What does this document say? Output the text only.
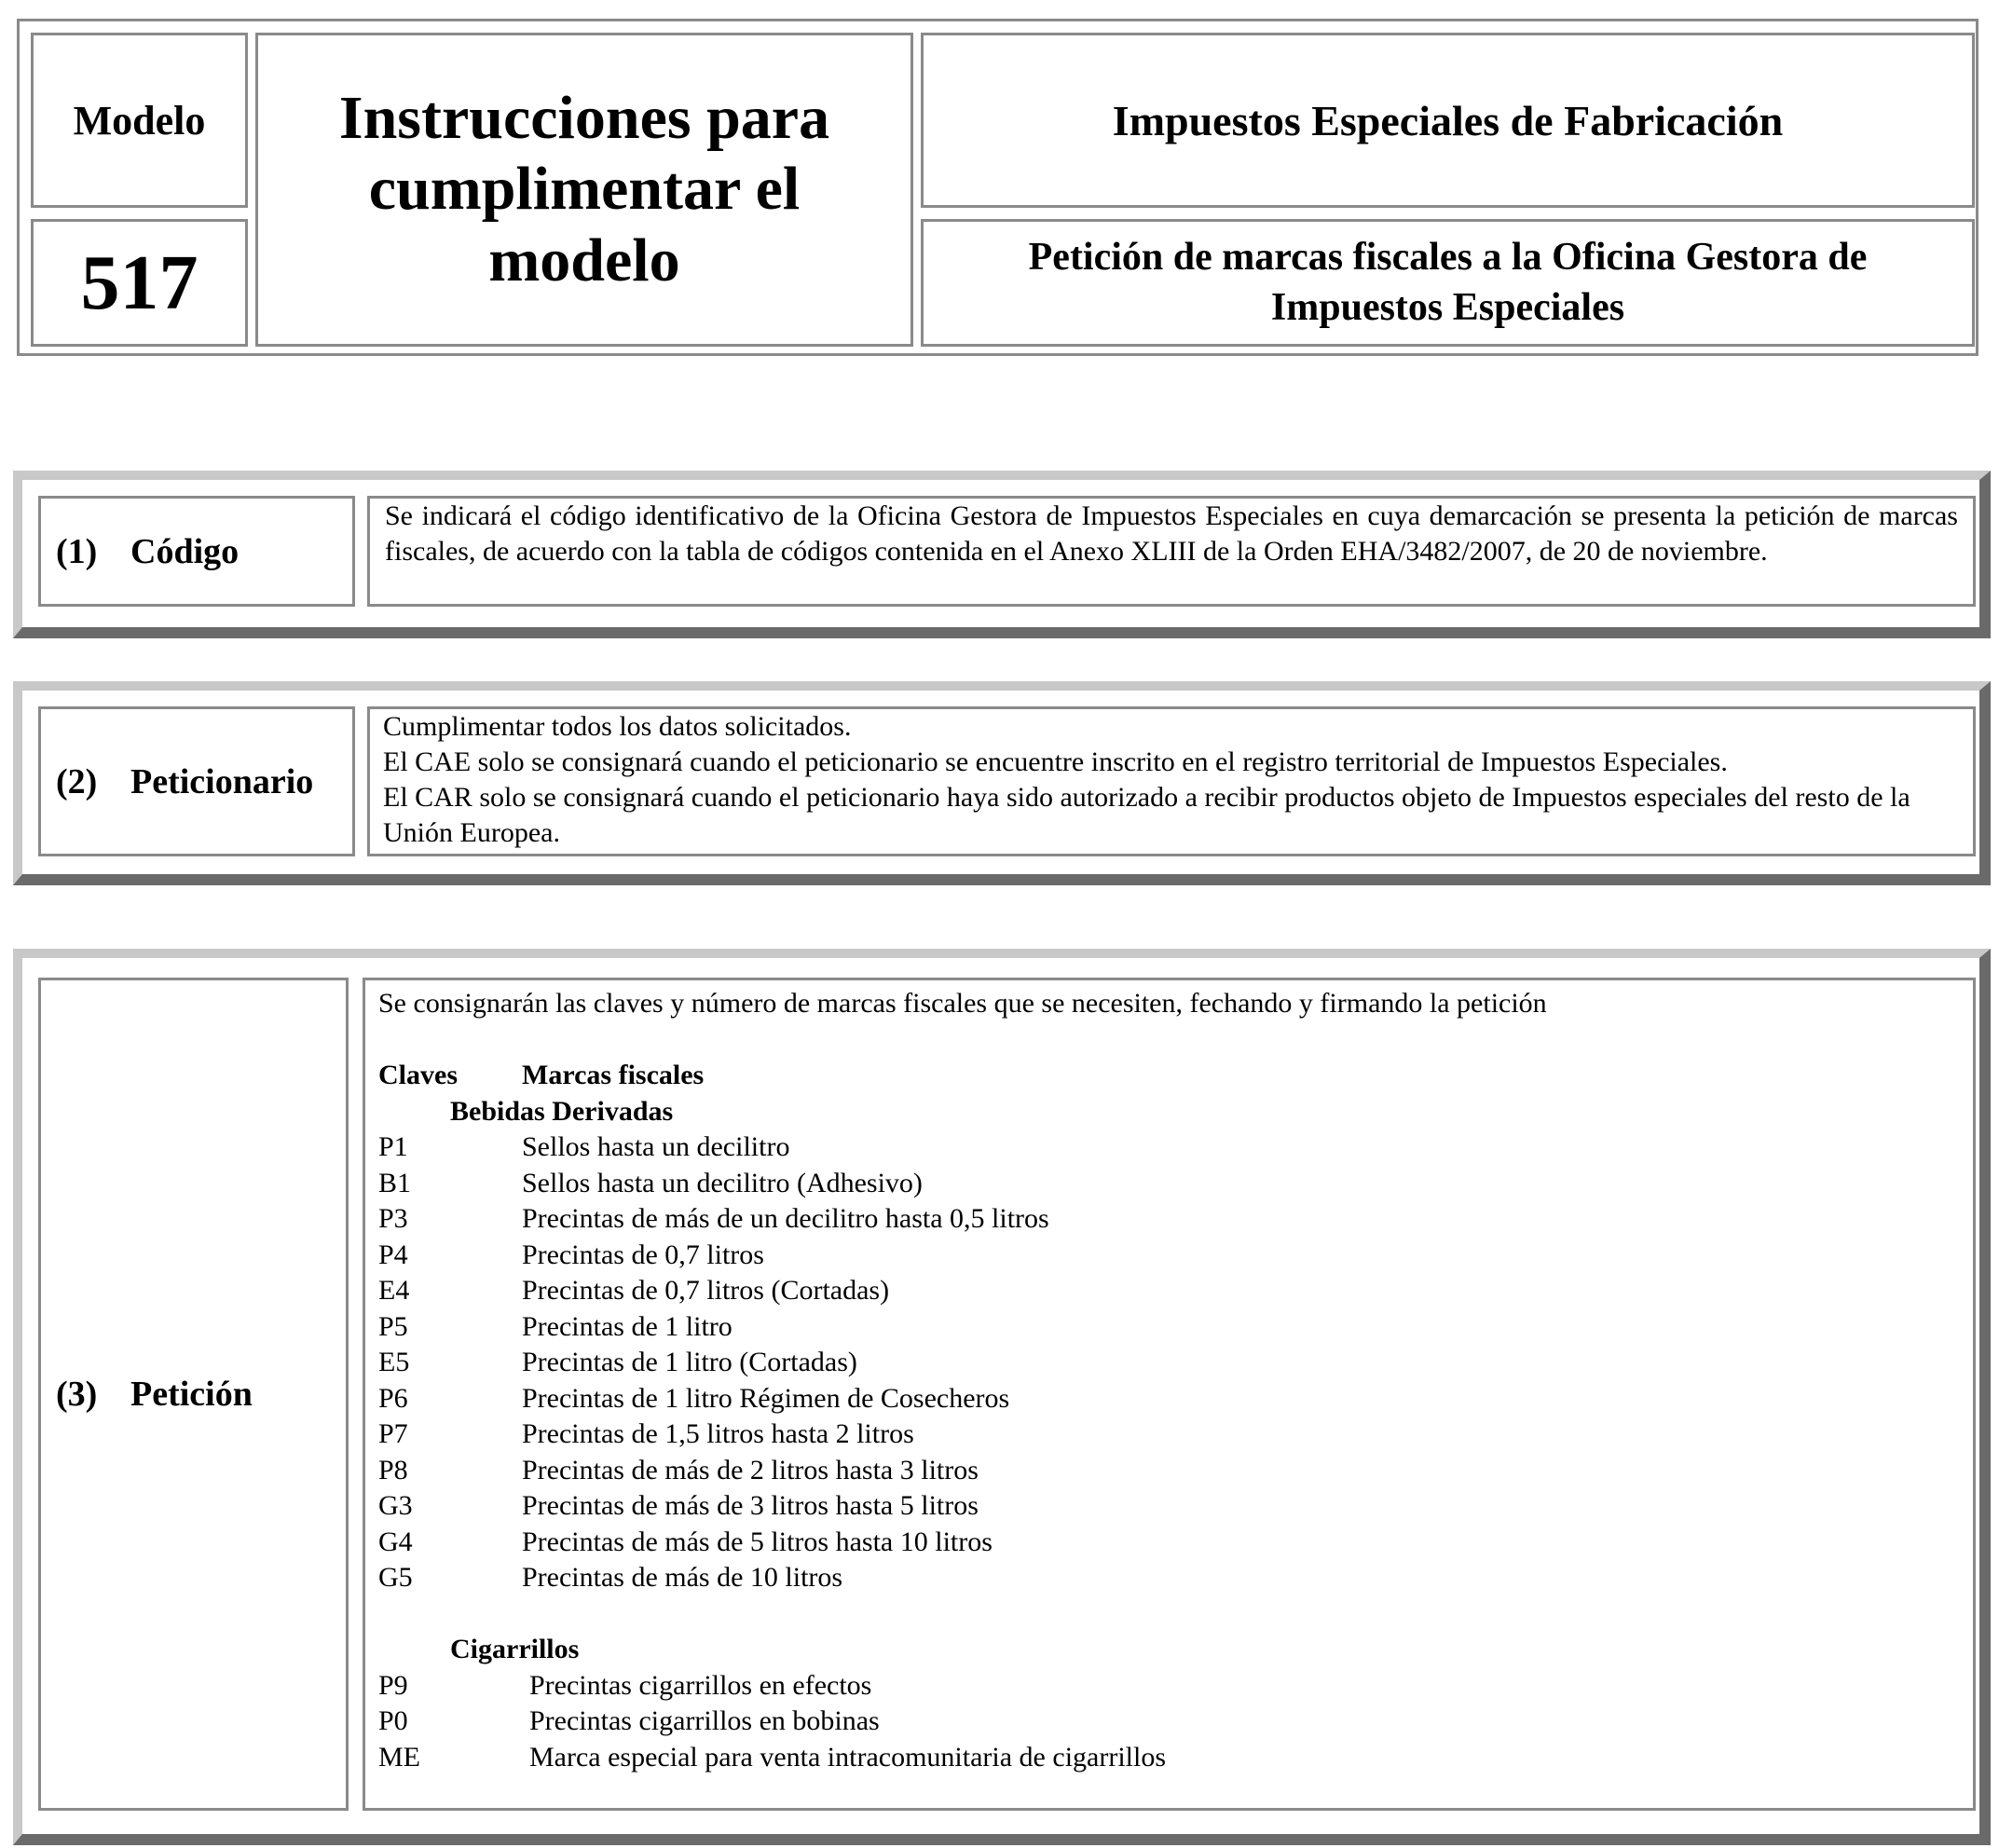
Modelo
517
Instrucciones para cumplimentar el modelo
Impuestos Especiales de Fabricación
Petición de marcas fiscales a la Oficina Gestora de Impuestos Especiales
(1) Código
Se indicará el código identificativo de la Oficina Gestora de Impuestos Especiales en cuya demarcación se presenta la petición de marcas fiscales, de acuerdo con la tabla de códigos contenida en el Anexo XLIII de la Orden EHA/3482/2007, de 20 de noviembre.
(2) Peticionario
Cumplimentar todos los datos solicitados.
El CAE solo se consignará cuando el peticionario se encuentre inscrito en el registro territorial de Impuestos Especiales.
El CAR solo se consignará cuando el peticionario haya sido autorizado a recibir productos objeto de Impuestos especiales del resto de la Unión Europea.
(3) Petición
Se consignarán las claves y número de marcas fiscales que se necesiten, fechando y firmando la petición
Claves Marcas fiscales
Bebidas Derivadas
P1	Sellos hasta un decilitro
B1	Sellos hasta un decilitro (Adhesivo)
P3	Precintas de más de un decilitro hasta 0,5 litros
P4	Precintas de 0,7 litros
E4	Precintas de 0,7 litros (Cortadas)
P5	Precintas de 1 litro
E5	Precintas de 1 litro (Cortadas)
P6	Precintas de 1 litro Régimen de Cosecheros
P7	Precintas de 1,5 litros hasta 2 litros
P8	Precintas de más de 2 litros hasta 3 litros
G3	Precintas de más de 3 litros hasta 5 litros
G4	Precintas de más de 5 litros hasta 10 litros
G5	Precintas de más de 10 litros
Cigarrillos
P9	Precintas cigarrillos en efectos
P0	Precintas cigarrillos en bobinas
ME	Marca especial para venta intracomunitaria de cigarrillos
